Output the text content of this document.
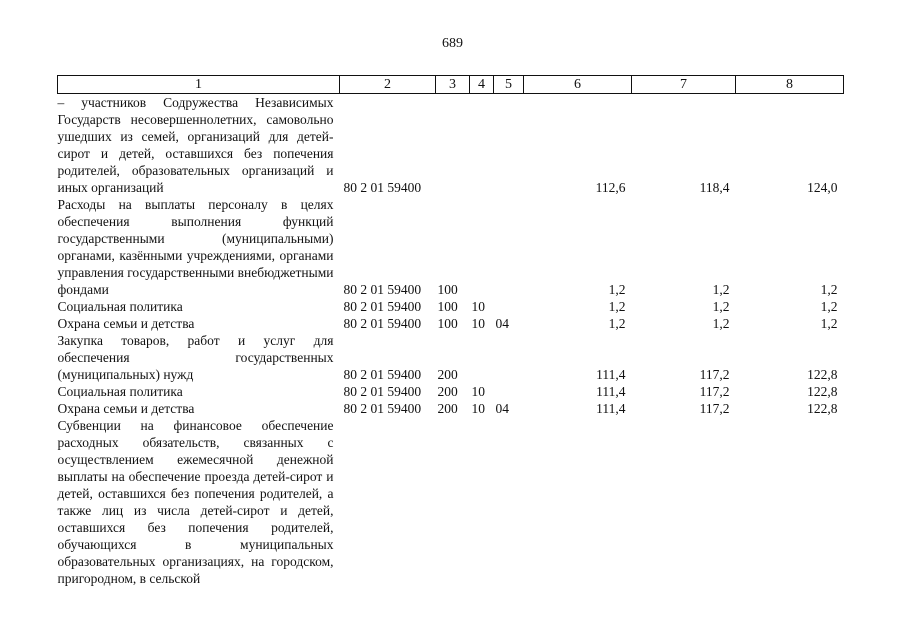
689
1	2	3	4	5	6	7	8
– участников Содружества Независимых Государств несовершеннолетних, самовольно ушедших из семей, организаций для детей-сирот и детей, оставшихся без попечения родителей, образовательных организаций и иных организаций	80 2 01 59400				112,6	118,4	124,0
Расходы на выплаты персоналу в целях обеспечения выполнения функций государственными (муниципальными) органами, казёнными учреждениями, органами управления государственными внебюджетными фондами	80 2 01 59400	100			1,2	1,2	1,2
Социальная политика	80 2 01 59400	100	10		1,2	1,2	1,2
Охрана семьи и детства	80 2 01 59400	100	10	04	1,2	1,2	1,2
Закупка товаров, работ и услуг для обеспечения государственных (муниципальных) нужд	80 2 01 59400	200			111,4	117,2	122,8
Социальная политика	80 2 01 59400	200	10		111,4	117,2	122,8
Охрана семьи и детства	80 2 01 59400	200	10	04	111,4	117,2	122,8
Субвенции на финансовое обеспечение расходных обязательств, связанных с осуществлением ежемесячной денежной выплаты на обеспечение проезда детей-сирот и детей, оставшихся без попечения родителей, а также лиц из числа детей-сирот и детей, оставшихся без попечения родителей, обучающихся в муниципальных образовательных организациях, на городском, пригородном, в сельской							
